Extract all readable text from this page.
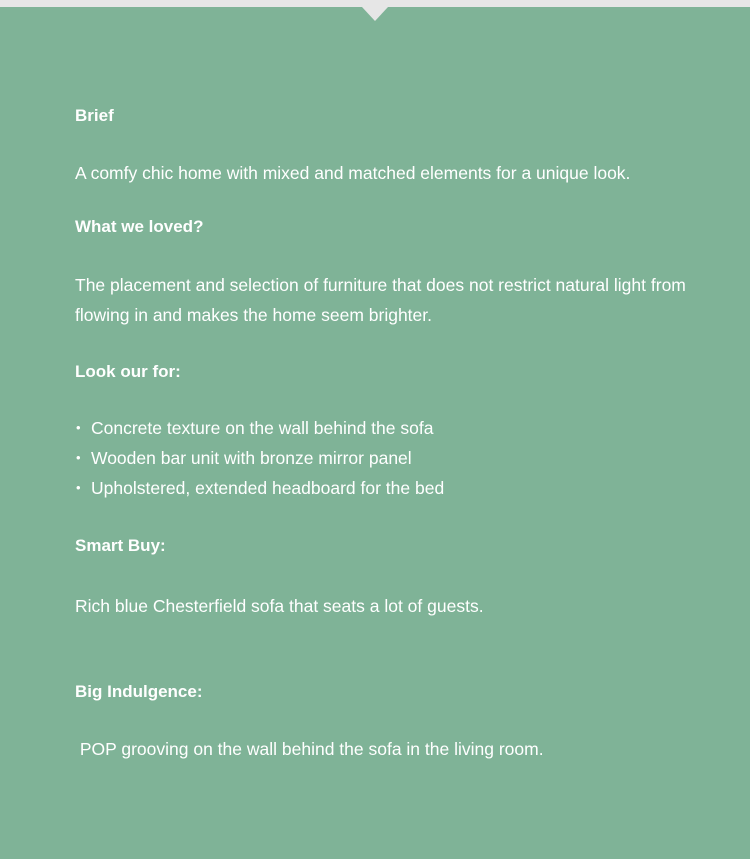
Brief
A comfy chic home with mixed and matched elements for a unique look.
What we loved?
The placement and selection of furniture that does not restrict natural light from flowing in and makes the home seem brighter.
Look our for:
• Concrete texture on the wall behind the sofa
• Wooden bar unit with bronze mirror panel
• Upholstered, extended headboard for the bed
Smart Buy:
Rich blue Chesterfield sofa that seats a lot of guests.
Big Indulgence:
POP grooving on the wall behind the sofa in the living room.
